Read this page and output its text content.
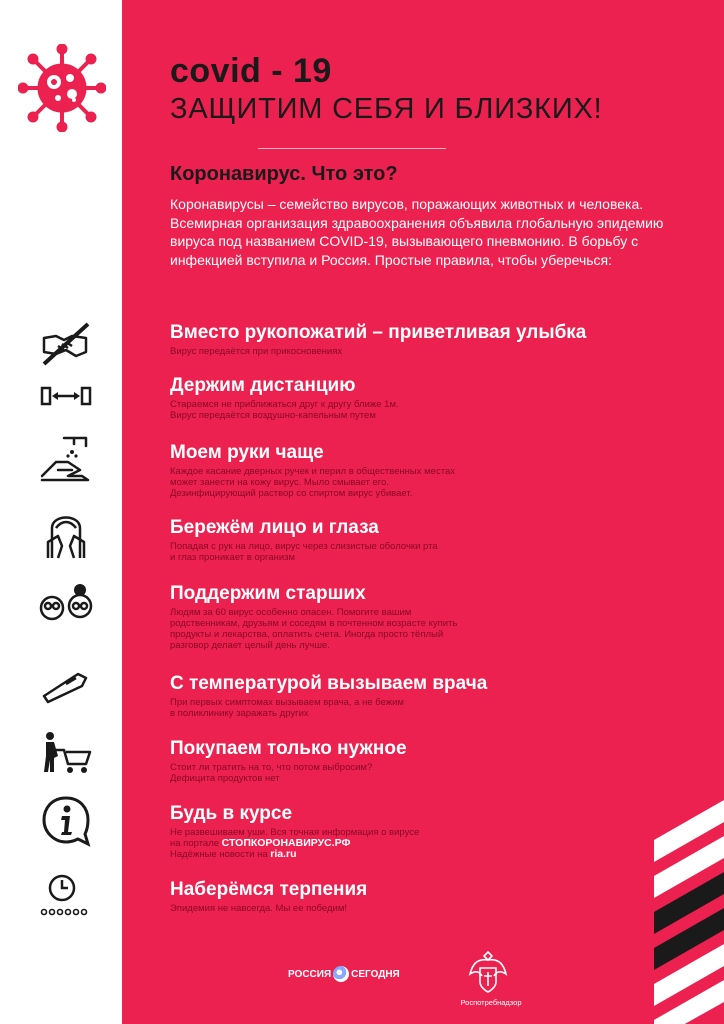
covid - 19
ЗАЩИТИМ СЕБЯ И БЛИЗКИХ!
Коронавирус. Что это?

Коронавирусы – семейство вирусов, поражающих животных и человека. Всемирная организация здравоохранения объявила глобальную эпидемию вируса под названием COVID-19, вызывающего пневмонию. В борьбу с инфекцией вступила и Россия. Простые правила, чтобы уберечься:

Вместо рукопожатий – приветливая улыбка
Вирус передаётся при прикосновениях
Держим дистанцию
Стараемся не приближаться друг к другу ближе 1м.
Вирус передаётся воздушно-капельным путем
Моем руки чаще
Каждое касание дверных ручек и перил в общественных местах
может занести на кожу вирус. Мыло смывает его.
Дезинфицирующий раствор со спиртом вирус убивает.
Бережём лицо и глаза
Попадая с рук на лицо, вирус через слизистые оболочки рта
и глаз проникает в организм
Поддержим старших
Людям за 60 вирус особенно опасен. Помогите вашим
родственникам, друзьям и соседям в почтенном возрасте купить
продукты и лекарства, оплатить счета. Иногда просто тёплый
разговор делает целый день лучше.
С температурой вызываем врача
При первых симптомах вызываем врача, а не бежим
в поликлинику заражать других
Покупаем только нужное
Стоит ли тратить на то, что потом выбросим?
Дефицита продуктов нет
Будь в курсе
Не развешиваем уши. Вся точная информация о вирусе
на портале СТОПКОРОНАВИРУС.РФ
Надёжные новости на ria.ru
Наберёмся терпения
Эпидемия не навсегда. Мы ее победим!
РОССИЯ СЕГОДНЯ
Роспотребнадзор
